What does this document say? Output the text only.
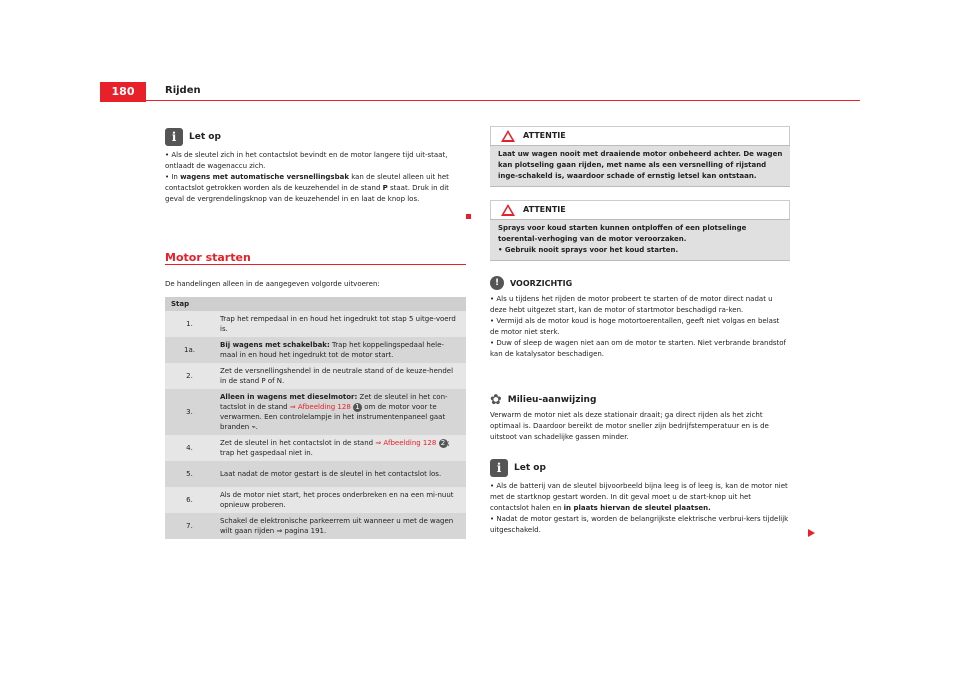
180	Rijden
i	Let op

• Als de sleutel zich in het contactslot bevindt en de motor langere tijd uit-staat, ontlaadt de wagenaccu zich.

• In wagens met automatische versnellingsbak kan de sleutel alleen uit het contactslot getrokken worden als de keuzehendel in de stand P staat. Druk in dit geval de vergrendelingsknop van de keuzehendel in en laat de knop los.

Motor starten

De handelingen alleen in de aangegeven volgorde uitvoeren:

Stap	
1.	Trap het rempedaal in en houd het ingedrukt tot stap 5 uitge-voerd is.
1a.	Bij wagens met schakelbak: Trap het koppelingspedaal hele-maal in en houd het ingedrukt tot de motor start.
2.	Zet de versnellingshendel in de neutrale stand of de keuze-hendel in de stand P of N.
3.	Alleen in wagens met dieselmotor: Zet de sleutel in het con-tactslot in de stand ⇒ Afbeelding 128 1 om de motor voor te verwarmen. Een controlelampje in het instrumentenpaneel gaat branden ⌁.
4.	Zet de sleutel in het contactslot in de stand ⇒ Afbeelding 128 2 ; trap het gaspedaal niet in.
5.	Laat nadat de motor gestart is de sleutel in het contactslot los.
6.	Als de motor niet start, het proces onderbreken en na een mi-nuut opnieuw proberen.
7.	Schakel de elektronische parkeerrem uit wanneer u met de wagen wilt gaan rijden ⇒ pagina 191.
ATTENTIE
Laat uw wagen nooit met draaiende motor onbeheerd achter. De wagen kan plotseling gaan rijden, met name als een versnelling of rijstand inge-schakeld is, waardoor schade of ernstig letsel kan ontstaan.
ATTENTIE
Sprays voor koud starten kunnen ontploffen of een plotselinge toerental-verhoging van de motor veroorzaken.
• Gebruik nooit sprays voor het koud starten.
!	VOORZICHTIG

• Als u tijdens het rijden de motor probeert te starten of de motor direct nadat u deze hebt uitgezet start, kan de motor of startmotor beschadigd ra-ken.

• Vermijd als de motor koud is hoge motortoerentallen, geeft niet volgas en belast de motor niet sterk.

• Duw of sleep de wagen niet aan om de motor te starten. Niet verbrande brandstof kan de katalysator beschadigen.

✿ Milieu-aanwijzing

Verwarm de motor niet als deze stationair draait; ga direct rijden als het zicht optimaal is. Daardoor bereikt de motor sneller zijn bedrijfstemperatuur en is de uitstoot van schadelijke gassen minder.

i	Let op

• Als de batterij van de sleutel bijvoorbeeld bijna leeg is of leeg is, kan de motor niet met de startknop gestart worden. In dit geval moet u de start-knop uit het contactslot halen en in plaats hiervan de sleutel plaatsen.

• Nadat de motor gestart is, worden de belangrijkste elektrische verbrui-kers tijdelijk uitgeschakeld.
